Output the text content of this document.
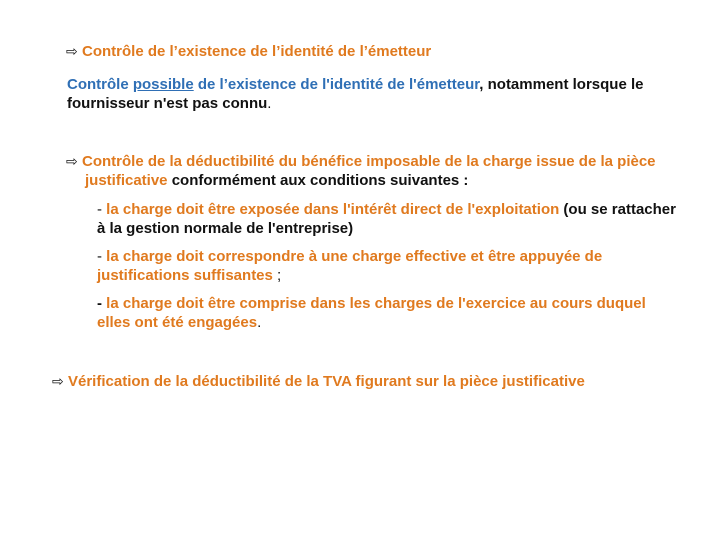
⇨ Contrôle de l’existence de l’identité de l’émetteur
Contrôle possible de l’existence de l'identité de l'émetteur, notamment lorsque le fournisseur n'est pas connu.
⇨ Contrôle de la déductibilité du bénéfice imposable de la charge issue de la pièce
justificative conformément aux conditions suivantes :
- la charge doit être exposée dans l'intérêt direct de l'exploitation (ou se rattacher à la gestion normale de l'entreprise)
- la charge doit correspondre à une charge effective et être appuyée de justifications suffisantes ;
- la charge doit être comprise dans les charges de l'exercice au cours duquel elles ont été engagées.
⇨ Vérification de la déductibilité de la TVA figurant sur la pièce justificative
